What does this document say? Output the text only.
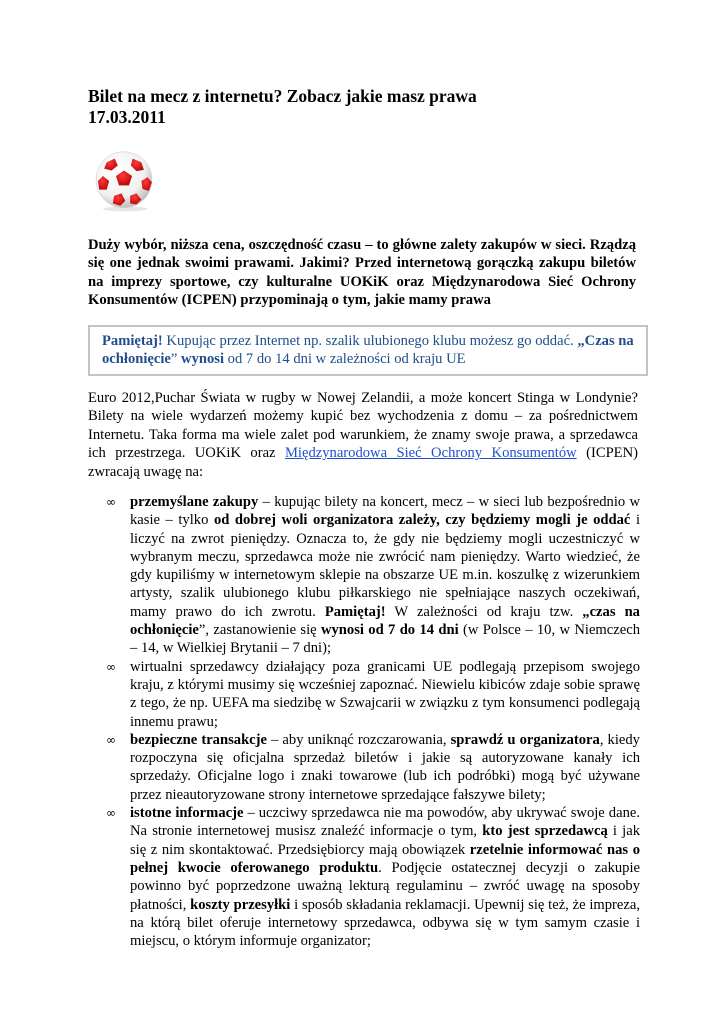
Bilet na mecz z internetu? Zobacz jakie masz prawa
17.03.2011
Duży wybór, niższa cena, oszczędność czasu – to główne zalety zakupów w sieci. Rządzą się one jednak swoimi prawami. Jakimi? Przed internetową gorączką zakupu biletów na imprezy sportowe, czy kulturalne UOKiK oraz Międzynarodowa Sieć Ochrony Konsumentów (ICPEN) przypominają o tym, jakie mamy prawa
Pamiętaj! Kupując przez Internet np. szalik ulubionego klubu możesz go oddać. „Czas na ochłonięcie” wynosi od 7 do 14 dni w zależności od kraju UE
Euro 2012,Puchar Świata w rugby w Nowej Zelandii, a może koncert Stinga w Londynie? Bilety na wiele wydarzeń możemy kupić bez wychodzenia z domu – za pośrednictwem Internetu. Taka forma ma wiele zalet pod warunkiem, że znamy swoje prawa, a sprzedawca ich przestrzega. UOKiK oraz Międzynarodowa Sieć Ochrony Konsumentów (ICPEN) zwracają uwagę na:
∞ przemyślane zakupy – kupując bilety na koncert, mecz – w sieci lub bezpośrednio w kasie – tylko od dobrej woli organizatora zależy, czy będziemy mogli je oddać i liczyć na zwrot pieniędzy. Oznacza to, że gdy nie będziemy mogli uczestniczyć w wybranym meczu, sprzedawca może nie zwrócić nam pieniędzy. Warto wiedzieć, że gdy kupiliśmy w internetowym sklepie na obszarze UE m.in. koszulkę z wizerunkiem artysty, szalik ulubionego klubu piłkarskiego nie spełniające naszych oczekiwań, mamy prawo do ich zwrotu. Pamiętaj! W zależności od kraju tzw. „czas na ochłonięcie”, zastanowienie się wynosi od 7 do 14 dni (w Polsce – 10, w Niemczech – 14, w Wielkiej Brytanii – 7 dni);
∞ wirtualni sprzedawcy działający poza granicami UE podlegają przepisom swojego kraju, z którymi musimy się wcześniej zapoznać. Niewielu kibiców zdaje sobie sprawę z tego, że np. UEFA ma siedzibę w Szwajcarii w związku z tym konsumenci podlegają innemu prawu;
∞ bezpieczne transakcje – aby uniknąć rozczarowania, sprawdź u organizatora, kiedy rozpoczyna się oficjalna sprzedaż biletów i jakie są autoryzowane kanały ich sprzedaży. Oficjalne logo i znaki towarowe (lub ich podróbki) mogą być używane przez nieautoryzowane strony internetowe sprzedające fałszywe bilety;
∞ istotne informacje – uczciwy sprzedawca nie ma powodów, aby ukrywać swoje dane. Na stronie internetowej musisz znaleźć informacje o tym, kto jest sprzedawcą i jak się z nim skontaktować. Przedsiębiorcy mają obowiązek rzetelnie informować nas o pełnej kwocie oferowanego produktu. Podjęcie ostatecznej decyzji o zakupie powinno być poprzedzone uważną lekturą regulaminu – zwróć uwagę na sposoby płatności, koszty przesyłki i sposób składania reklamacji. Upewnij się też, że impreza, na którą bilet oferuje internetowy sprzedawca, odbywa się w tym samym czasie i miejscu, o którym informuje organizator;
